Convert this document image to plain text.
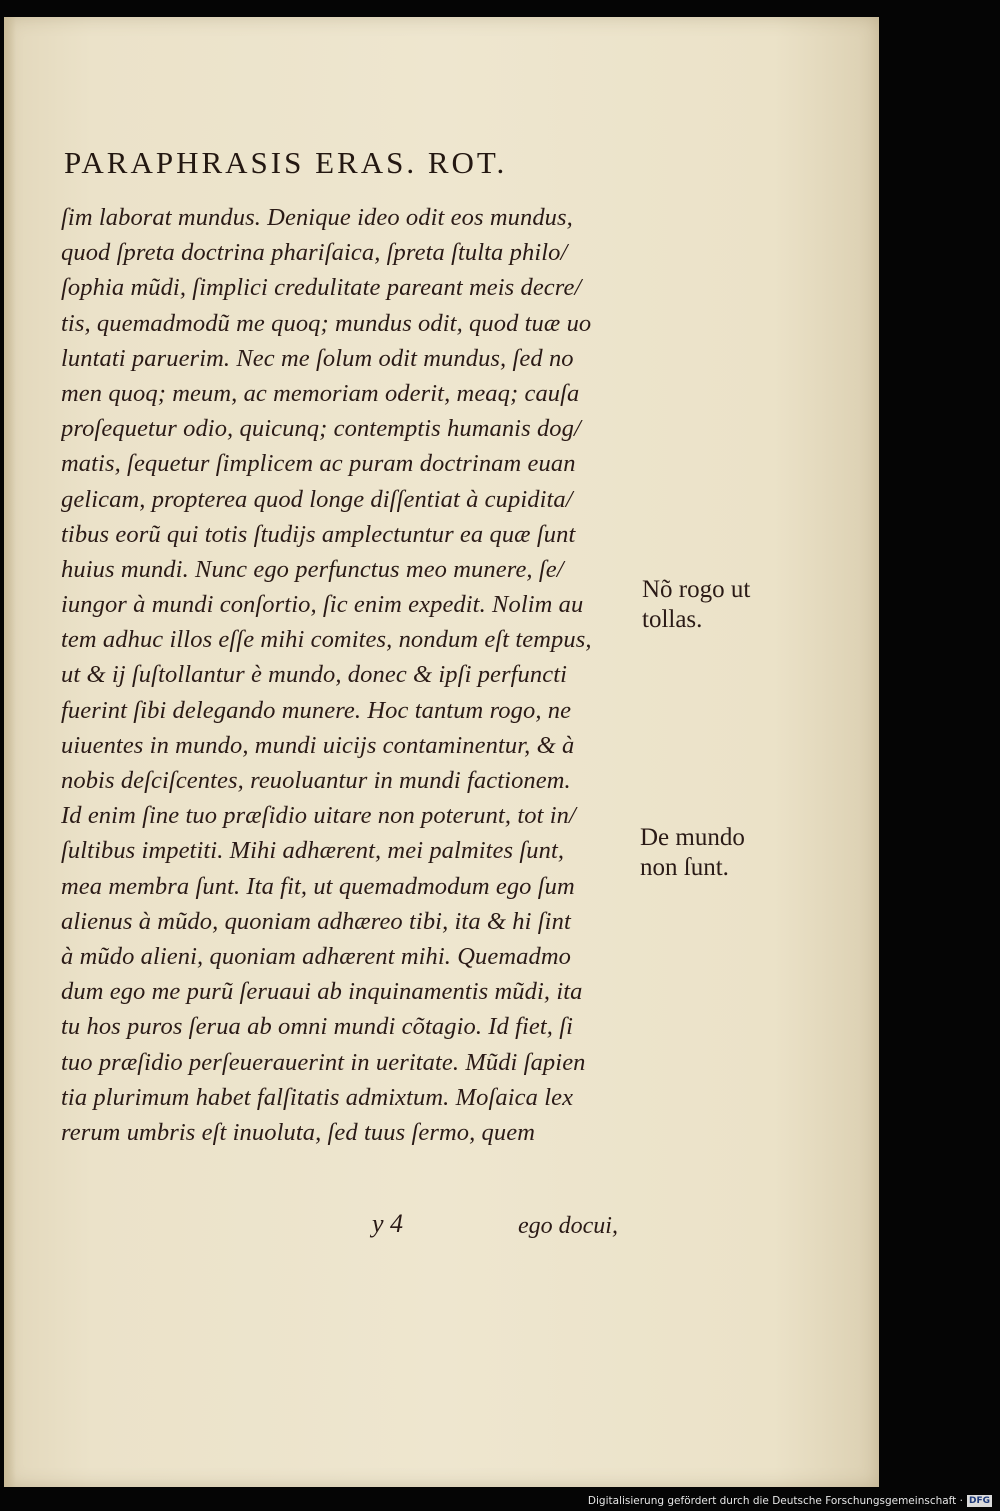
PARAPHRASIS ERAS. ROT.
ſim laborat mundus. Denique ideo odit eos mundus,
quod ſpreta doctrina phariſaica, ſpreta ſtulta philo/
ſophia mũdi, ſimplici credulitate pareant meis decre/
tis, quemadmodũ me quoq; mundus odit, quod tuæ uo
luntati paruerim. Nec me ſolum odit mundus, ſed no
men quoq; meum, ac memoriam oderit, meaq; cauſa
proſequetur odio, quicunq; contemptis humanis dog/
matis, ſequetur ſimplicem ac puram doctrinam euan
gelicam, propterea quod longe diſſentiat à cupidita/
tibus eorũ qui totis ſtudijs amplectuntur ea quæ ſunt
huius mundi. Nunc ego perfunctus meo munere, ſe/
iungor à mundi conſortio, ſic enim expedit. Nolim au
tem adhuc illos eſſe mihi comites, nondum eſt tempus,
ut & ij ſuſtollantur è mundo, donec & ipſi perfuncti
fuerint ſibi delegando munere. Hoc tantum rogo, ne
uiuentes in mundo, mundi uicijs contaminentur, & à
nobis deſciſcentes, reuoluantur in mundi factionem.
Id enim ſine tuo præſidio uitare non poterunt, tot in/
ſultibus impetiti. Mihi adhærent, mei palmites ſunt,
mea membra ſunt. Ita fit, ut quemadmodum ego ſum
alienus à mũdo, quoniam adhæreo tibi, ita & hi ſint
à mũdo alieni, quoniam adhærent mihi. Quemadmo
dum ego me purũ ſeruaui ab inquinamentis mũdi, ita
tu hos puros ſerua ab omni mundi cõtagio. Id fiet, ſi
tuo præſidio perſeuerauerint in ueritate. Mũdi ſapien
tia plurimum habet falſitatis admixtum. Moſaica lex
rerum umbris eſt inuoluta, ſed tuus ſermo, quem
Nõ rogo ut
tollas.
De mundo
non ſunt.
y 4	ego docui,
Digitalisierung gefördert durch die Deutsche Forschungsgemeinschaft · DFG
